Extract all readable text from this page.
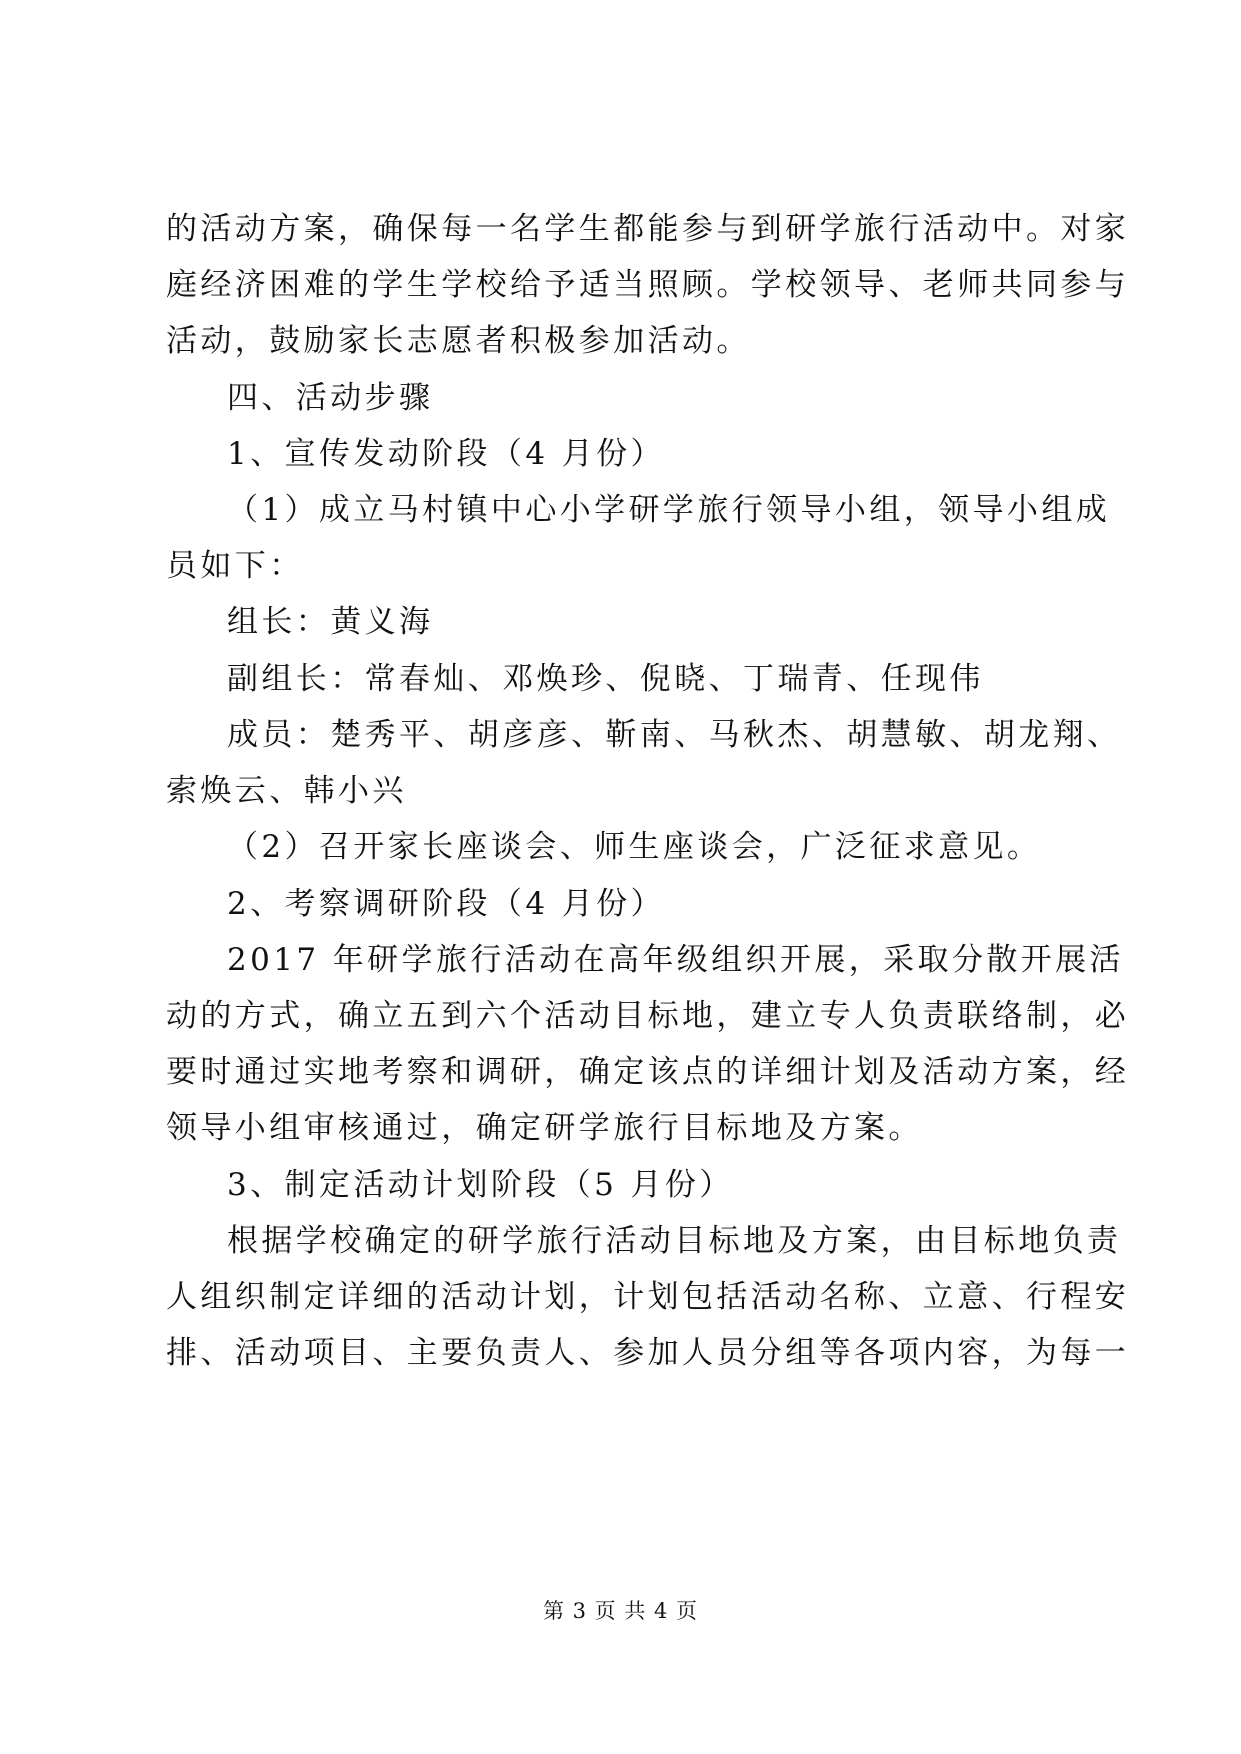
的活动方案，确保每一名学生都能参与到研学旅行活动中。对家
庭经济困难的学生学校给予适当照顾。学校领导、老师共同参与
活动，鼓励家长志愿者积极参加活动。
四、活动步骤
1、宣传发动阶段（4 月份）
（1）成立马村镇中心小学研学旅行领导小组，领导小组成
员如下：
组长：黄义海
副组长：常春灿、邓焕珍、倪晓、丁瑞青、任现伟
成员：楚秀平、胡彦彦、靳南、马秋杰、胡慧敏、胡龙翔、
索焕云、韩小兴
（2）召开家长座谈会、师生座谈会，广泛征求意见。
2、考察调研阶段（4 月份）
2017 年研学旅行活动在高年级组织开展，采取分散开展活
动的方式，确立五到六个活动目标地，建立专人负责联络制，必
要时通过实地考察和调研，确定该点的详细计划及活动方案，经
领导小组审核通过，确定研学旅行目标地及方案。
3、制定活动计划阶段（5 月份）
根据学校确定的研学旅行活动目标地及方案，由目标地负责
人组织制定详细的活动计划，计划包括活动名称、立意、行程安
排、活动项目、主要负责人、参加人员分组等各项内容，为每一
第 3 页 共 4 页
